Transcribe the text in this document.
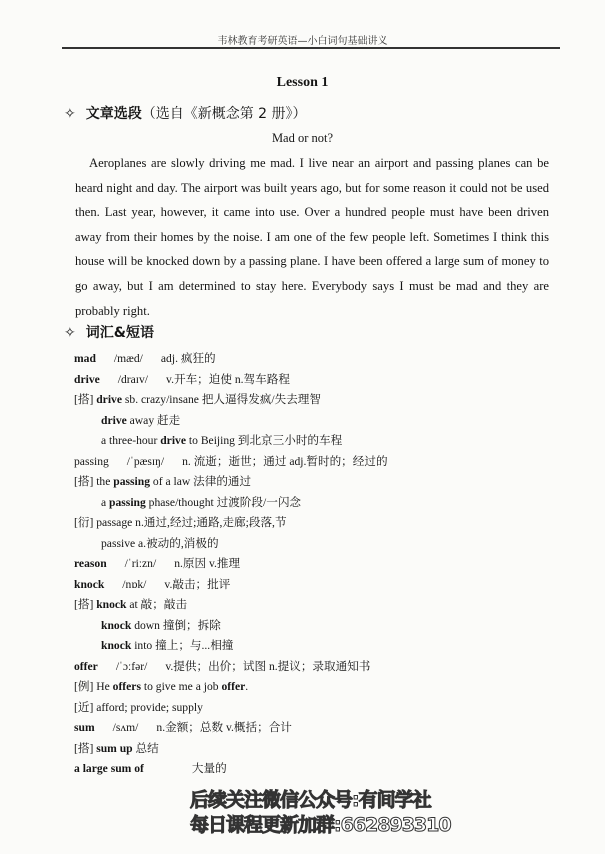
韦林教育考研英语—小白词句基础讲义
Lesson 1
✧ 文章选段（选自《新概念第 2 册》）
Mad or not?
Aeroplanes are slowly driving me mad. I live near an airport and passing planes can be heard night and day. The airport was built years ago, but for some reason it could not be used then. Last year, however, it came into use. Over a hundred people must have been driven away from their homes by the noise. I am one of the few people left. Sometimes I think this house will be knocked down by a passing plane. I have been offered a large sum of money to go away, but I am determined to stay here. Everybody says I must be mad and they are probably right.
✧ 词汇&短语
mad /mæd/ adj. 疯狂的
drive /draɪv/ v.开车；迫使 n.驾车路程
[搭] drive sb. crazy/insane 把人逼得发疯/失去理智
drive away 赶走
a three-hour drive to Beijing 到北京三小时的车程
passing /ˈpæsɪŋ/ n. 流逝；逝世；通过 adj.暂时的；经过的
[搭] the passing of a law 法律的通过
a passing phase/thought 过渡阶段/一闪念
[衍] passage n.通过,经过;通路,走廊;段落,节
passive a.被动的,消极的
reason /ˈriːzn/ n.原因 v.推理
knock /nɒk/ v.敲击；批评
[搭] knock at 敲；敲击
knock down 撞倒；拆除
knock into 撞上；与...相撞
offer /ˈɔːfər/ v.提供；出价；试图 n.提议；录取通知书
[例] He offers to give me a job offer.
[近] afford; provide; supply
sum /sʌm/ n.金额；总数 v.概括；合计
[搭] sum up 总结
a large sum of	大量的
后续关注微信公众号:有间学社
每日课程更新加群:662893310
